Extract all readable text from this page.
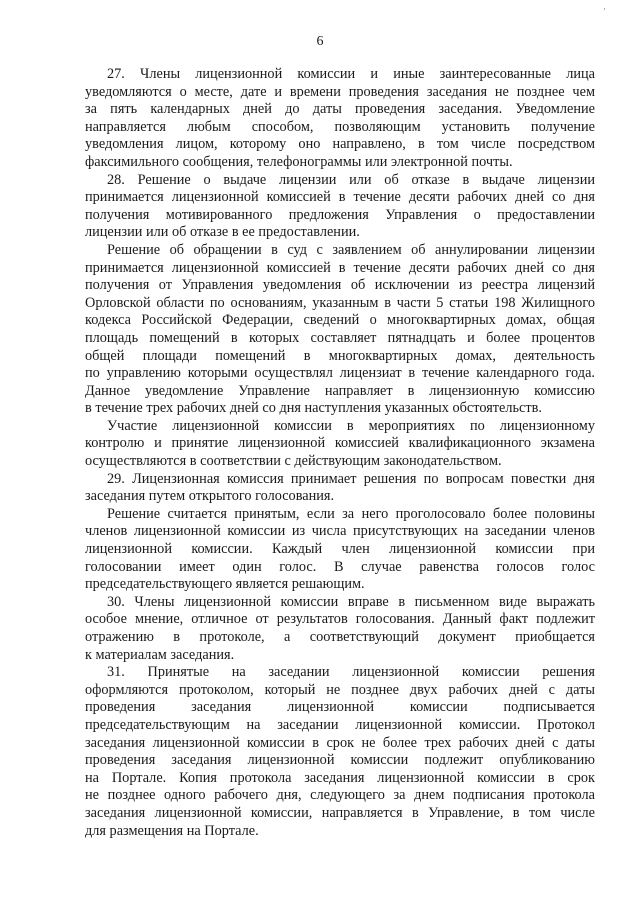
·
6

27. Члены лицензионной комиссии и иные заинтересованные лица
уведомляются о месте, дате и времени проведения заседания не позднее чем
за пять календарных дней до даты проведения заседания. Уведомление
направляется любым способом, позволяющим установить получение
уведомления лицом, которому оно направлено, в том числе посредством
факсимильного сообщения, телефонограммы или электронной почты.

28. Решение о выдаче лицензии или об отказе в выдаче лицензии
принимается лицензионной комиссией в течение десяти рабочих дней со дня
получения мотивированного предложения Управления о предоставлении
лицензии или об отказе в ее предоставлении.

Решение об обращении в суд с заявлением об аннулировании лицензии
принимается лицензионной комиссией в течение десяти рабочих дней со дня
получения от Управления уведомления об исключении из реестра лицензий
Орловской области по основаниям, указанным в части 5 статьи 198 Жилищного
кодекса Российской Федерации, сведений о многоквартирных домах, общая
площадь помещений в которых составляет пятнадцать и более процентов
общей площади помещений в многоквартирных домах, деятельность
по управлению которыми осуществлял лицензиат в течение календарного года.
Данное уведомление Управление направляет в лицензионную комиссию
в течение трех рабочих дней со дня наступления указанных обстоятельств.

Участие лицензионной комиссии в мероприятиях по лицензионному
контролю и принятие лицензионной комиссией квалификационного экзамена
осуществляются в соответствии с действующим законодательством.

29. Лицензионная комиссия принимает решения по вопросам повестки дня
заседания путем открытого голосования.

Решение считается принятым, если за него проголосовало более половины
членов лицензионной комиссии из числа присутствующих на заседании членов
лицензионной комиссии. Каждый член лицензионной комиссии при
голосовании имеет один голос. В случае равенства голосов голос
председательствующего является решающим.

30. Члены лицензионной комиссии вправе в письменном виде выражать
особое мнение, отличное от результатов голосования. Данный факт подлежит
отражению в протоколе, а соответствующий документ приобщается
к материалам заседания.

31. Принятые на заседании лицензионной комиссии решения
оформляются протоколом, который не позднее двух рабочих дней с даты
проведения заседания лицензионной комиссии подписывается
председательствующим на заседании лицензионной комиссии. Протокол
заседания лицензионной комиссии в срок не более трех рабочих дней с даты
проведения заседания лицензионной комиссии подлежит опубликованию
на Портале. Копия протокола заседания лицензионной комиссии в срок
не позднее одного рабочего дня, следующего за днем подписания протокола
заседания лицензионной комиссии, направляется в Управление, в том числе
для размещения на Портале.
